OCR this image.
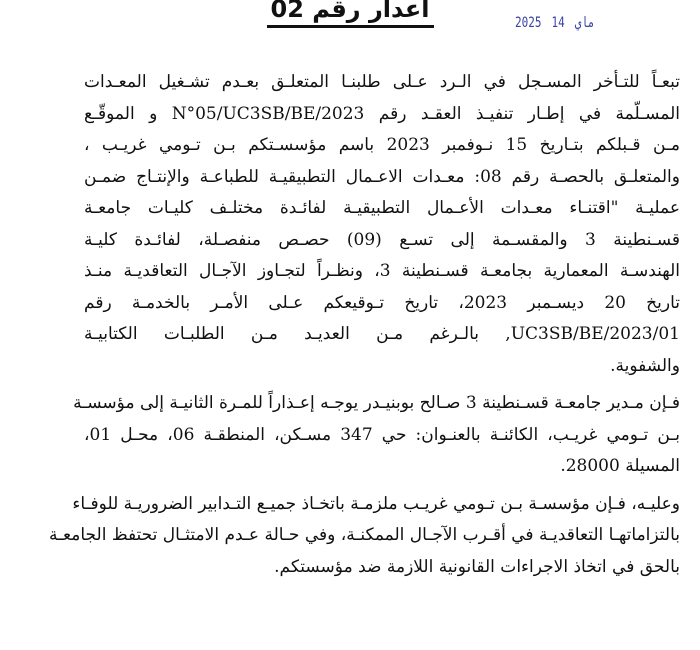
اعدار رقم 02	2025	ماي14

تبعـاً للتـأخر المسـجل في الـرد عـلى طلبنـا المتعلـق بعـدم تشـغيل المعـدات
المسـلّمة في إطـار تنفيـذ العقـد رقم N°05/UC3SB/BE/2023 و الموقّـع
مـن قـبلكم بتـاريخ 15 نـوفمبر 2023 باسم مؤسسـتكم بـن تـومي غريـب ،
والمتعلـق بالحصـة رقم 08: معـدات الاعـمال التطبيقيـة للطباعـة والإنتـاج ضمـن
عمليـة "اقتنـاء معـدات الأعـمال التطبيقيـة لفائـدة مختلـف كليـات جامعـة
قسـنطينة 3 والمقسـمة إلى تسـع (09) حصـص منفصـلة، لفائـدة كليـة
الهندسـة المعمارية بجامعـة قسـنطينة 3، ونظـراً لتجـاوز الآجـال التعاقديـة منـذ
تاريخ 20 ديسـمبر 2023، تاريخ تـوقيعكم عـلى الأمـر بالخدمـة رقم
01/UC3SB/BE/2023, بالـرغم مـن العديـد مـن الطلبـات الكتابيـة
والشفوية.

فـإن مـدير جامعـة قسـنطينة 3 صـالح بوبنيـدر يوجـه إعـذاراً للمـرة الثانيـة إلى مؤسسـة
بـن تـومي غريـب، الكائنـة بالعنـوان: حي 347 مسـكن، المنطقـة 06، محـل 01،
المسيلة 28000.

وعليـه، فـإن مؤسسـة بـن تـومي غريـب ملزمـة باتخـاذ جميـع التـدابير الضروريـة للوفـاء
بالتزاماتهـا التعاقديـة في أقـرب الآجـال الممكنـة، وفي حـالة عـدم الامتثـال تحتفظ الجامعـة
بالحق في اتخاذ الاجراءات القانونية اللازمة ضد مؤسستكم.
